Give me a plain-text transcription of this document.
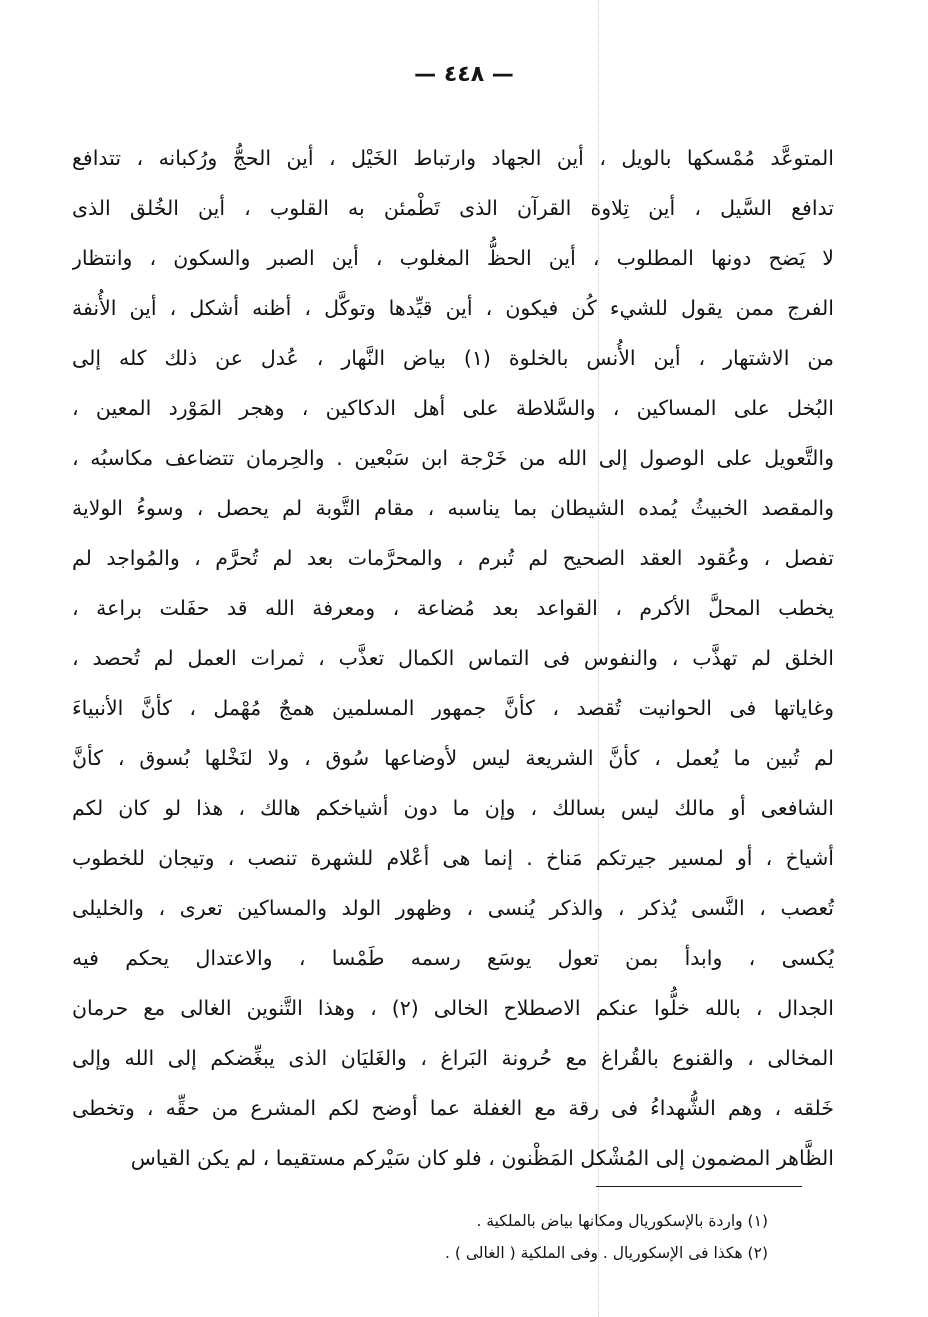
— ٤٤٨ —
المتوعَّد مُمْسكها بالويل ، أين الجهاد وارتباط الخَيْل ، أين الحجُّ ورُكبانه ، تتدافع
تدافع السَّيل ، أين تِلاوة القرآن الذى تَطْمئن به القلوب ، أين الخُلق الذى
لا يَضح دونها المطلوب ، أين الحظُّ المغلوب ، أين الصبر والسكون ، وانتظار
الفرج ممن يقول للشيء كُن فيكون ، أين قيِّدها وتوكَّل ، أظنه أشكل ، أين الأُنفة
من الاشتهار ، أين الأُنس بالخلوة (١) بياض النَّهار ، عُدل عن ذلك كله إلى
البُخل على المساكين ، والسَّلاطة على أهل الدكاكين ، وهجر المَوْرد المعين ،
والتَّعويل على الوصول إلى الله من خَرْجة ابن سَبْعين . والحِرمان تتضاعف مكاسبُه ،
والمقصد الخبيثُ يُمده الشيطان بما يناسبه ، مقام التَّوبة لم يحصل ، وسوءُ الولاية
تفصل ، وعُقود العقد الصحيح لم تُبرم ، والمحرَّمات بعد لم تُحرَّم ، والمُواجد لم
يخطب المحلَّ الأكرم ، القواعد بعد مُضاعة ، ومعرفة الله قد حفَلت براعة ،
الخلق لم تهذَّب ، والنفوس فى التماس الكمال تعذَّب ، ثمرات العمل لم تُحصد ،
وغاياتها فى الحوانيت تُقصد ، كأنَّ جمهور المسلمين همجٌ مُهْمل ، كأنَّ الأنبياءَ
لم تُبين ما يُعمل ، كأنَّ الشريعة ليس لأوضاعها سُوق ، ولا لنَخْلها بُسوق ، كأنَّ
الشافعى أو مالك ليس بسالك ، وإن ما دون أشياخكم هالك ، هذا لو كان لكم
أشياخ ، أو لمسير جيرتكم مَناخ . إنما هى أعْلام للشهرة تنصب ، وتيجان للخطوب
تُعصب ، النَّسى يُذكر ، والذكر يُنسى ، وظهور الولد والمساكين تعرى ، والخليلى
يُكسى ، وابدأ بمن تعول يوسَع رسمه طَمْسا ، والاعتدال يحكم فيه
الجدال ، بالله خلُّوا عنكم الاصطلاح الخالى (٢) ، وهذا التَّنوين الغالى مع حرمان
المخالى ، والقنوع بالقُراغ مع حُرونة البَراغ ، والغَليَان الذى يبغِّضكم إلى الله وإلى
خَلقه ، وهم الشُّهداءُ فى رقة مع الغفلة عما أوضح لكم المشرع من حقِّه ، وتخطى
الظَّاهر المضمون إلى المُشْكل المَظْنون ، فلو كان سَيْركم مستقيما ، لم يكن القياس
(١) واردة بالإسكوريال ومكانها بياض بالملكية .
(٢) هكذا فى الإسكوريال . وفى الملكية ( الغالى ) .
